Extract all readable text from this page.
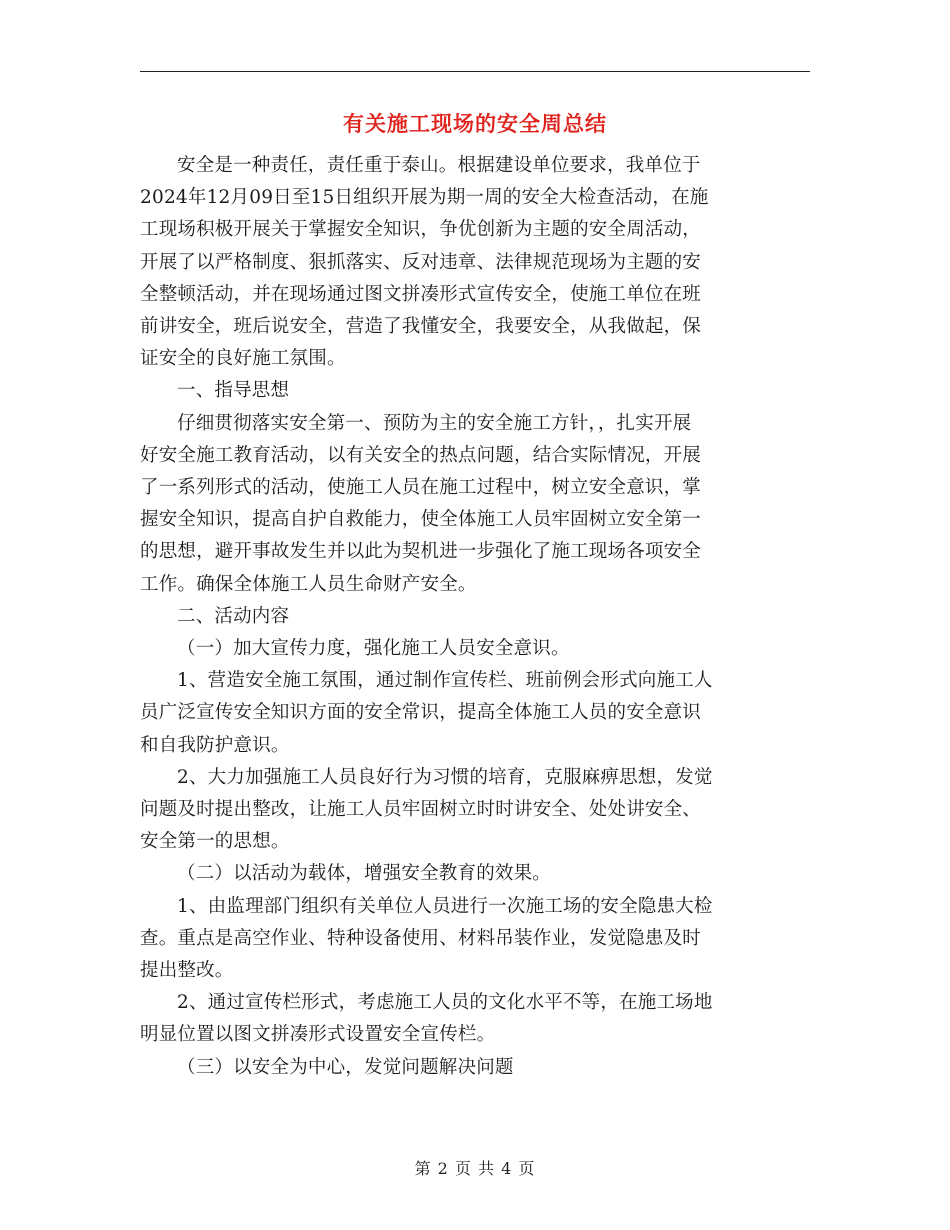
有关施工现场的安全周总结

安全是一种责任，责任重于泰山。根据建设单位要求，我单位于
2024年12月09日至15日组织开展为期一周的安全大检查活动，在施
工现场积极开展关于掌握安全知识，争优创新为主题的安全周活动，
开展了以严格制度、狠抓落实、反对违章、法律规范现场为主题的安
全整顿活动，并在现场通过图文拼凑形式宣传安全，使施工单位在班
前讲安全，班后说安全，营造了我懂安全，我要安全，从我做起，保
证安全的良好施工氛围。

一、指导思想

仔细贯彻落实安全第一、预防为主的安全施工方针，，扎实开展
好安全施工教育活动，以有关安全的热点问题，结合实际情况，开展
了一系列形式的活动，使施工人员在施工过程中，树立安全意识，掌
握安全知识，提高自护自救能力，使全体施工人员牢固树立安全第一
的思想，避开事故发生并以此为契机进一步强化了施工现场各项安全
工作。确保全体施工人员生命财产安全。

二、活动内容

（一）加大宣传力度，强化施工人员安全意识。

1、营造安全施工氛围，通过制作宣传栏、班前例会形式向施工人
员广泛宣传安全知识方面的安全常识，提高全体施工人员的安全意识
和自我防护意识。

2、大力加强施工人员良好行为习惯的培育，克服麻痹思想，发觉
问题及时提出整改，让施工人员牢固树立时时讲安全、处处讲安全、
安全第一的思想。

（二）以活动为载体，增强安全教育的效果。

1、由监理部门组织有关单位人员进行一次施工场的安全隐患大检
查。重点是高空作业、特种设备使用、材料吊装作业，发觉隐患及时
提出整改。

2、通过宣传栏形式，考虑施工人员的文化水平不等，在施工场地
明显位置以图文拼凑形式设置安全宣传栏。

（三）以安全为中心，发觉问题解决问题

第 2 页 共 4 页
